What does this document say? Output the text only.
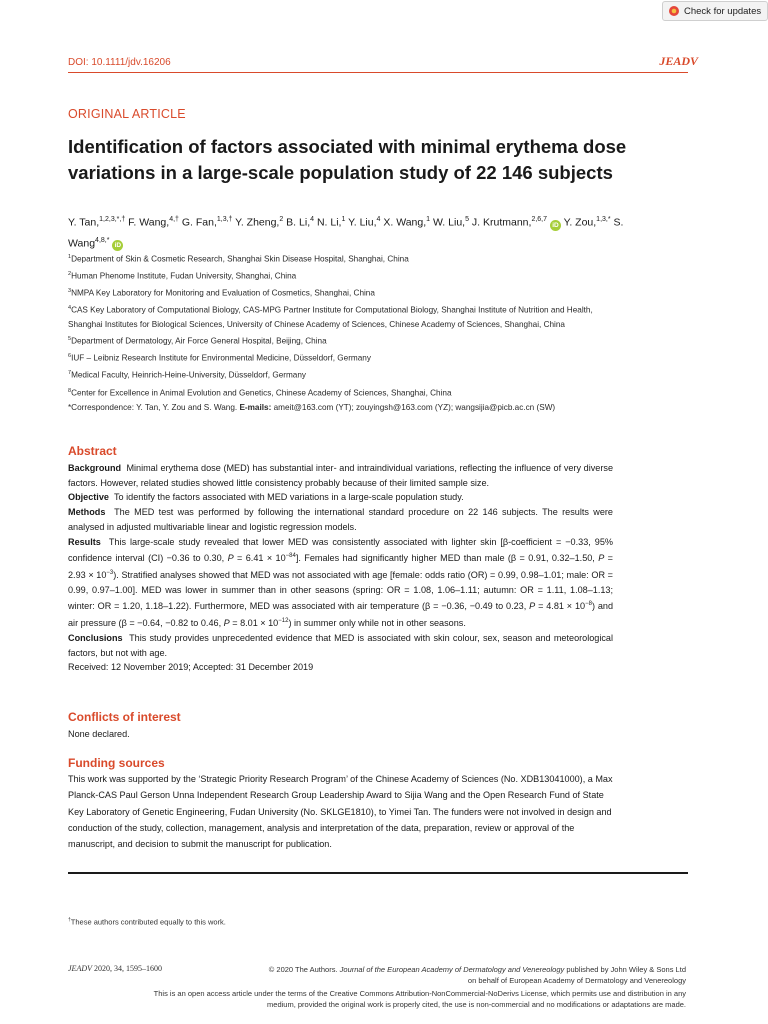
Check for updates
DOI: 10.1111/jdv.16206	JEADV
ORIGINAL ARTICLE
Identification of factors associated with minimal erythema dose variations in a large-scale population study of 22 146 subjects
Y. Tan,$^{1,2,3,*,\dagger}$ F. Wang,$^{4,\dagger}$ G. Fan,$^{1,3,\dagger}$ Y. Zheng,$^2$ B. Li,$^4$ N. Li,$^1$ Y. Liu,$^4$ X. Wang,$^1$ W. Liu,$^5$ J. Krutmann,$^{2,6,7}$ iD Y. Zou,$^{1,3,*}$ S. Wang$^{4,8,*}$ iD
$^1$Department of Skin & Cosmetic Research, Shanghai Skin Disease Hospital, Shanghai, China
$^2$Human Phenome Institute, Fudan University, Shanghai, China
$^3$NMPA Key Laboratory for Monitoring and Evaluation of Cosmetics, Shanghai, China
$^4$CAS Key Laboratory of Computational Biology, CAS-MPG Partner Institute for Computational Biology, Shanghai Institute of Nutrition and Health, Shanghai Institutes for Biological Sciences, University of Chinese Academy of Sciences, Chinese Academy of Sciences, Shanghai, China
$^5$Department of Dermatology, Air Force General Hospital, Beijing, China
$^6$IUF – Leibniz Research Institute for Environmental Medicine, Düsseldorf, Germany
$^7$Medical Faculty, Heinrich-Heine-University, Düsseldorf, Germany
$^8$Center for Excellence in Animal Evolution and Genetics, Chinese Academy of Sciences, Shanghai, China
*Correspondence: Y. Tan, Y. Zou and S. Wang. E-mails: ameit@163.com (YT); zouyingsh@163.com (YZ); wangsijia@picb.ac.cn (SW)
Abstract

Background Minimal erythema dose (MED) has substantial inter- and intraindividual variations, reflecting the influence of very diverse factors. However, related studies showed little consistency probably because of their limited sample size.

Objective To identify the factors associated with MED variations in a large-scale population study.

Methods The MED test was performed by following the international standard procedure on 22 146 subjects. The results were analysed in adjusted multivariable linear and logistic regression models.

Results This large-scale study revealed that lower MED was consistently associated with lighter skin [β-coefficient = −0.33, 95% confidence interval (CI) −0.36 to 0.30, $P = 6.41 \times 10^{-84}$]. Females had significantly higher MED than male (β = 0.91, 0.32–1.50, $P = 2.93 \times 10^{-3}$). Stratified analyses showed that MED was not associated with age [female: odds ratio (OR) = 0.99, 0.98–1.01; male: OR = 0.99, 0.97–1.00]. MED was lower in summer than in other seasons (spring: OR = 1.08, 1.06–1.11; autumn: OR = 1.11, 1.08–1.13; winter: OR = 1.20, 1.18–1.22). Furthermore, MED was associated with air temperature (β = −0.36, −0.49 to 0.23, $P = 4.81 \times 10^{-8}$) and air pressure (β = −0.64, −0.82 to 0.46, $P = 8.01 \times 10^{-12}$) in summer only while not in other seasons.

Conclusions This study provides unprecedented evidence that MED is associated with skin colour, sex, season and meteorological factors, but not with age.

Received: 12 November 2019; Accepted: 31 December 2019

Conflicts of interest
None declared.
Funding sources
This work was supported by the ‘Strategic Priority Research Program’ of the Chinese Academy of Sciences (No. XDB13041000), a Max Planck-CAS Paul Gerson Unna Independent Research Group Leadership Award to Sijia Wang and the Open Research Fund of State Key Laboratory of Genetic Engineering, Fudan University (No. SKLGE1810), to Yimei Tan. The funders were not involved in design and conduction of the study, collection, management, analysis and interpretation of the data, preparation, review or approval of the manuscript, and decision to submit the manuscript for publication.
†These authors contributed equally to this work.
JEADV 2020, 34, 1595–1600	© 2020 The Authors. Journal of the European Academy of Dermatology and Venereology published by John Wiley & Sons Ltd
on behalf of European Academy of Dermatology and Venereology
This is an open access article under the terms of the Creative Commons Attribution-NonCommercial-NoDerivs License, which permits use and distribution in any medium, provided the original work is properly cited, the use is non-commercial and no modifications or adaptations are made.
